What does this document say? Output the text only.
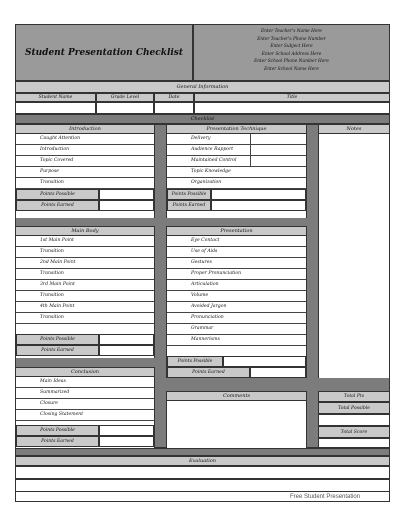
Student Presentation Checklist
Enter Teacher's Name Here
Enter Teacher's Phone Number
Enter Subject Here
Enter School Address Here
Enter School Phone Number Here
Enter School Name Here
General Information
Student Name	Grade Level	Date	Title
Checklist
Introduction
Caught Attention
Introduction
Topic Covered
Purpose
Transition
Points Possible
Points Earned
Presentation Technique
Delivery
Audience Rapport
Maintained Control
Topic Knowledge
Organization
Points Possible
Points Earned
Notes
Main Body
1st Main Point
Transition
2nd Main Point
Transition
3rd Main Point
Transition
4th Main Point
Transition
Points Possible
Points Earned
Presentation
Eye Contact
Use of Aids
Gestures
Proper Pronunciation
Articulation
Volume
Avoided Jargon
Pronunciation
Grammar
Mannerisms
Points Possible
Points Earned
Conclusion
Main Ideas
Summarized
Closure
Closing Statement
Points Possible
Points Earned
Comments	Total Pts
Total Possible
Total Score
Evaluation
Free Student Presentation
